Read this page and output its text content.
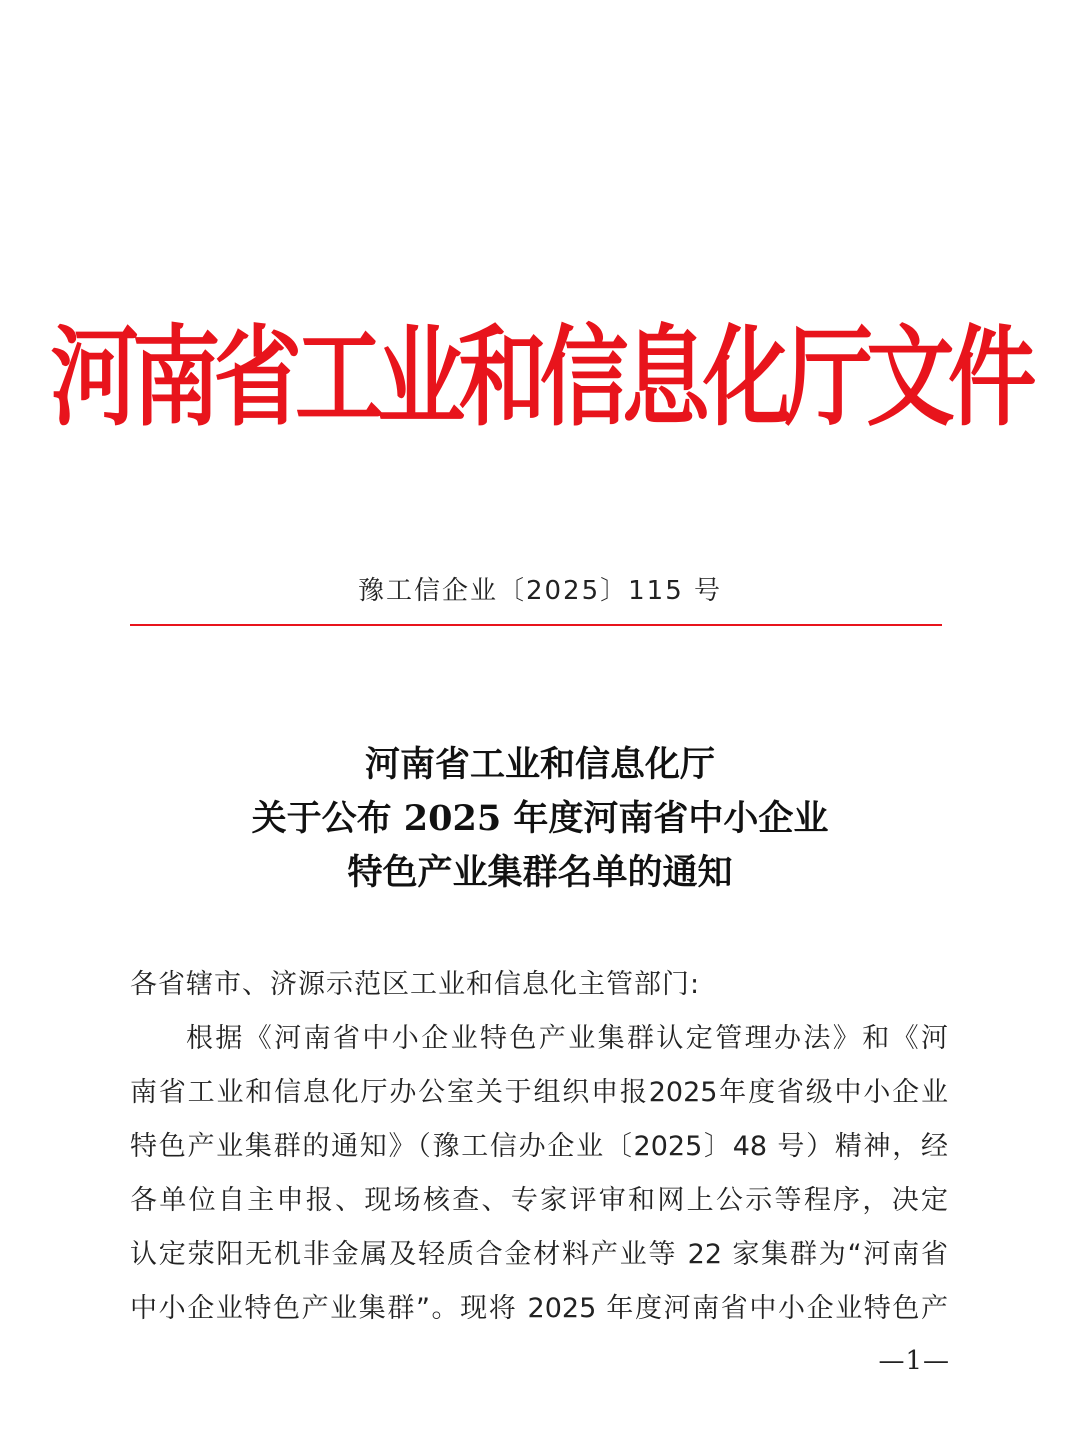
河南省工业和信息化厅文件
豫工信企业〔2025〕115 号
河南省工业和信息化厅
关于公布 2025 年度河南省中小企业
特色产业集群名单的通知
各省辖市、济源示范区工业和信息化主管部门:
根据《河南省中小企业特色产业集群认定管理办法》和《河
南省工业和信息化厅办公室关于组织申报2025年度省级中小企业
特色产业集群的通知》（豫工信办企业〔2025〕48 号）精神，经
各单位自主申报、现场核查、专家评审和网上公示等程序，决定
认定荥阳无机非金属及轻质合金材料产业等 22 家集群为“河南省
中小企业特色产业集群”。现将 2025 年度河南省中小企业特色产
—1—
